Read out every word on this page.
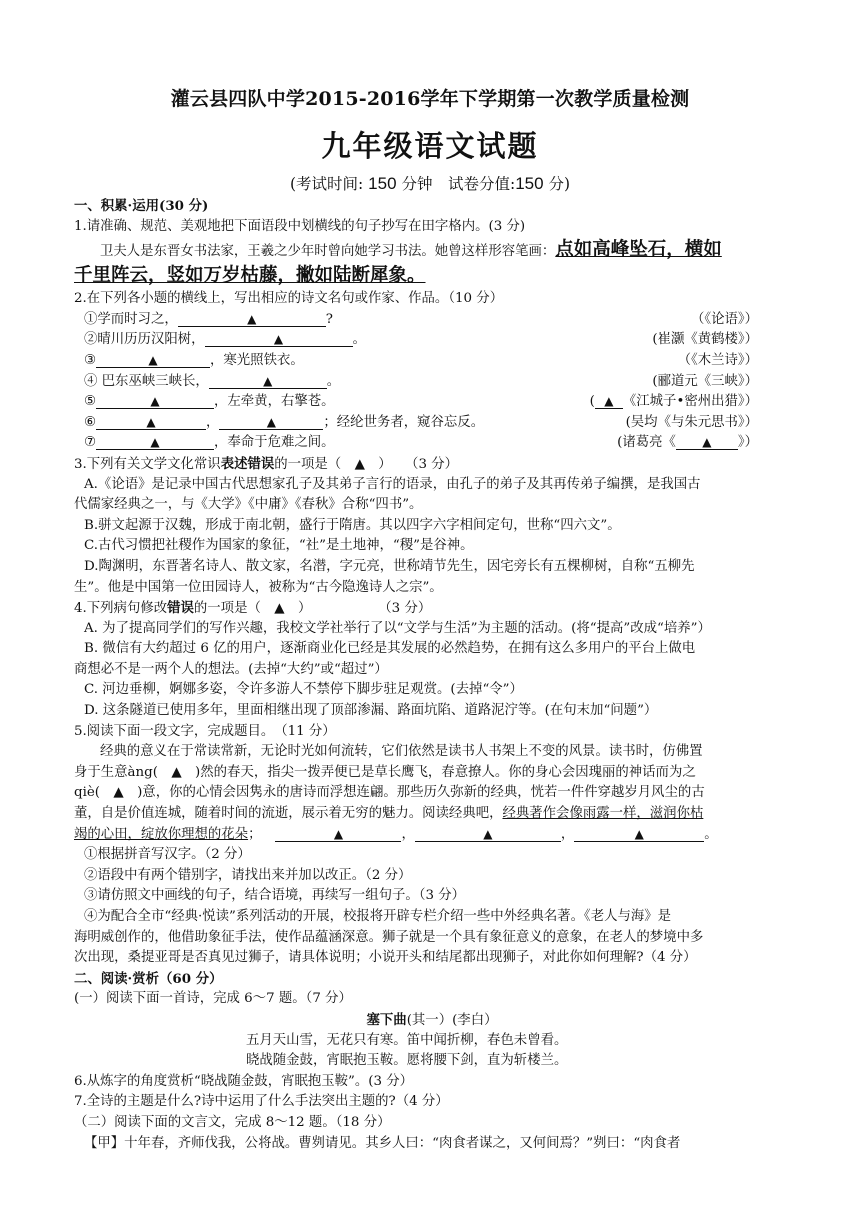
灌云县四队中学2015-2016学年下学期第一次教学质量检测
九年级语文试题
(考试时间: 150 分钟　试卷分值:150 分)
一、积累·运用(30 分)
1.请准确、规范、美观地把下面语段中划横线的句子抄写在田字格内。(3 分)
卫夫人是东晋女书法家，王羲之少年时曾向她学习书法。她曾这样形容笔画：点如高峰坠石，横如
千里阵云，竖如万岁枯藤，撇如陆断犀象。
2.在下列各小题的横线上，写出相应的诗文名句或作家、作品。（10 分）
①学而时习之，	▲	?	（《论语》）
②晴川历历汉阳树，	▲	。	(崔灏《黄鹤楼》）
③	▲	，寒光照铁衣。	（《木兰诗》）
④ 巴东巫峡三峡长，	▲	。	(郦道元《三峡》）
⑤	▲	，左牵黄，右擎苍。	( ▲ 《江城子•密州出猎》）
⑥	▲	，	▲	；经纶世务者，窥谷忘反。	(吴均《与朱元思书》）
⑦	▲	，奉命于危难之间。	(诸葛亮《 ▲ 》）
3.下列有关文学文化常识表述错误的一项是（　▲　）　　（3 分）
A.《论语》是记录中国古代思想家孔子及其弟子言行的语录，由孔子的弟子及其再传弟子编撰，是我国古
代儒家经典之一，与《大学》《中庸》《春秋》合称“四书”。
B.骈文起源于汉魏，形成于南北朝，盛行于隋唐。其以四字六字相间定句，世称“四六文”。
C.古代习惯把社稷作为国家的象征，“社”是土地神，“稷”是谷神。
D.陶渊明，东晋著名诗人、散文家，名潜，字元亮，世称靖节先生，因宅旁长有五棵柳树，自称“五柳先
生”。他是中国第一位田园诗人，被称为“古今隐逸诗人之宗”。
4.下列病句修改错误的一项是（　▲　）　　　　　　（3 分）
A. 为了提高同学们的写作兴趣，我校文学社举行了以“文学与生活”为主题的活动。(将“提高”改成“培养”）
B. 微信有大约超过 6 亿的用户，逐渐商业化已经是其发展的必然趋势，在拥有这么多用户的平台上做电
商想必不是一两个人的想法。(去掉“大约”或“超过”）
C. 河边垂柳，婀娜多姿，令许多游人不禁停下脚步驻足观赏。(去掉“令”）
D. 这条隧道已使用多年，里面相继出现了顶部渗漏、路面坑陷、道路泥泞等。(在句末加“问题”）
5.阅读下面一段文字，完成题目。　（11 分）
经典的意义在于常读常新，无论时光如何流转，它们依然是读书人书架上不变的风景。读书时，仿佛置
身于生意àng(　▲　)然的春天，指尖一拨弄便已是草长鹰飞，春意撩人。你的身心会因瑰丽的神话而为之
qiè(　▲　)意，你的心情会因隽永的唐诗而浮想连翩。那些历久弥新的经典，恍若一件件穿越岁月风尘的古
董，自是价值连城，随着时间的流逝，展示着无穷的魅力。阅读经典吧，经典著作会像雨露一样，滋润你枯
竭的心田，绽放你理想的花朵；	▲	，	▲	，	▲	。
①根据拼音写汉字。（2 分）
②语段中有两个错别字，请找出来并加以改正。（2 分）
③请仿照文中画线的句子，结合语境，再续写一组句子。（3 分）
④为配合全市“经典·悦读”系列活动的开展，校报将开辟专栏介绍一些中外经典名著。《老人与海》是
海明威创作的，他借助象征手法，使作品蕴涵深意。狮子就是一个具有象征意义的意象，在老人的梦境中多
次出现，桑提亚哥是否真见过狮子，请具体说明；小说开头和结尾都出现狮子，对此你如何理解?（4 分）
二、阅读·赏析（60 分）
(一）阅读下面一首诗，完成 6～7 题。（7 分）
塞下曲(其一）(李白）
五月天山雪，无花只有寒。笛中闻折柳，春色未曾看。
晓战随金鼓，宵眠抱玉鞍。愿将腰下剑，直为斩楼兰。
6.从炼字的角度赏析“晓战随金鼓，宵眠抱玉鞍”。(3 分）
7.全诗的主题是什么?诗中运用了什么手法突出主题的?（4 分）
（二）阅读下面的文言文，完成 8～12 题。（18 分）
【甲】十年春，齐师伐我，公将战。曹刿请见。其乡人曰：“肉食者谋之，又何间焉？”刿曰：“肉食者
